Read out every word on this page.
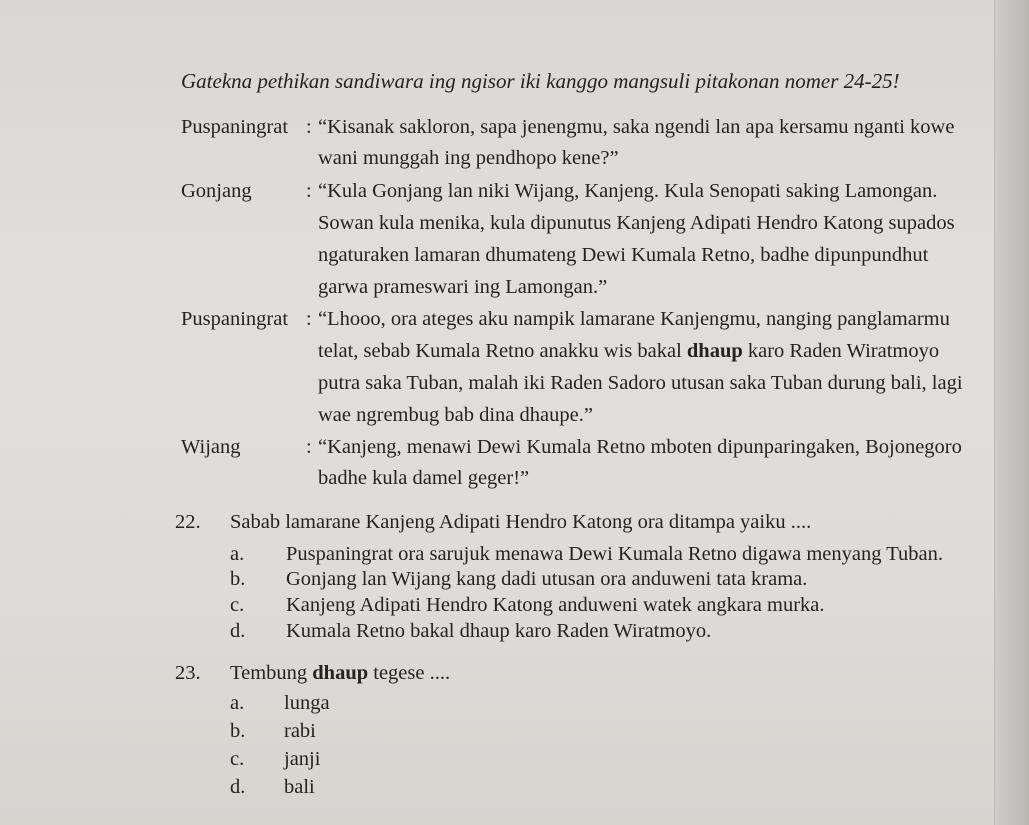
Gatekna pethikan sandiwara ing ngisor iki kanggo mangsuli pitakonan nomer 24-25!
Puspaningrat : “Kisanak sakloron, sapa jenengmu, saka ngendi lan apa kersamu nganti kowe
wani munggah ing pendhopo kene?”
Gonjang	: “Kula Gonjang lan niki Wijang, Kanjeng. Kula Senopati saking Lamongan.
Sowan kula menika, kula dipunutus Kanjeng Adipati Hendro Katong supados
ngaturaken lamaran dhumateng Dewi Kumala Retno, badhe dipunpundhut
garwa prameswari ing Lamongan.”
Puspaningrat : “Lhooo, ora ateges aku nampik lamarane Kanjengmu, nanging panglamarmu
telat, sebab Kumala Retno anakku wis bakal dhaup karo Raden Wiratmoyo
putra saka Tuban, malah iki Raden Sadoro utusan saka Tuban durung bali, lagi
wae ngrembug bab dina dhaupe.”
Wijang	: “Kanjeng, menawi Dewi Kumala Retno mboten dipunparingaken, Bojonegoro
badhe kula damel geger!”
22. Sabab lamarane Kanjeng Adipati Hendro Katong ora ditampa yaiku ....
a. Puspaningrat ora sarujuk menawa Dewi Kumala Retno digawa menyang Tuban.
b. Gonjang lan Wijang kang dadi utusan ora anduweni tata krama.
c. Kanjeng Adipati Hendro Katong anduweni watek angkara murka.
d. Kumala Retno bakal dhaup karo Raden Wiratmoyo.
23. Tembung dhaup tegese ....
a. lunga
b. rabi
c. janji
d. bali
